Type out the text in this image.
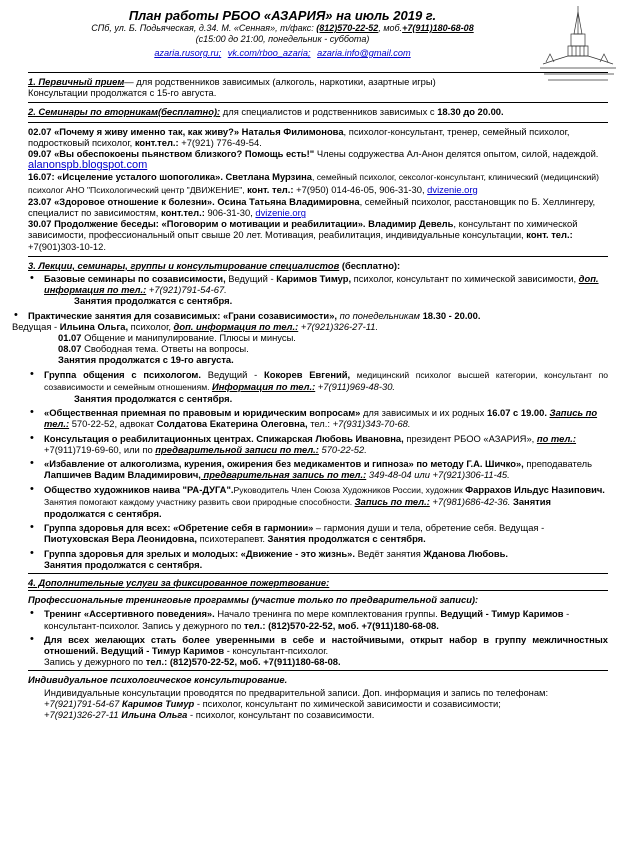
План работы РБОО «АЗАРИЯ» на июль 2019 г.
СПб, ул. Б. Подьяческая, д.34. М. «Сенная», т/факс: (812)570-22-52, моб.+7(911)180-68-08
(с15:00 до 21:00, понедельник - суббота)
azaria.rusorg.ru; vk.com/rboo_azaria; azaria.info@gmail.com

1. Первичный прием— для родственников зависимых (алкоголь, наркотики, азартные игры)
Консультации продолжатся с 15-го августа.

2. Семинары по вторникам(бесплатно): для специалистов и родственников зависимых с 18.30 до 20.00.

02.07 «Почему я живу именно так, как живу?» Наталья Филимонова, психолог-консультант, тренер, семейный психолог, подростковый психолог, конт.тел.: +7(921) 776-49-54.

09.07 «Вы обеспокоены пьянством близкого? Помощь есть!" Члены содружества Ал-Анон делятся опытом, силой, надеждой. alanonspb.blogspot.com

16.07: «Исцеление усталого шопоголика». Светлана Мурзина, семейный психолог, сексолог-консультант, клинический (медицинский) психолог АНО "Психологический центр "ДВИЖЕНИЕ", конт. тел.: +7(950) 014-46-05, 906-31-30, dvizenie.org

23.07 «Здоровое отношение к болезни». Осина Татьяна Владимировна, семейный психолог, расстановщик по Б. Хеллингеру, специалист по зависимостям, конт.тел.: 906-31-30, dvizenie.org

30.07 Продолжение беседы: «Поговорим о мотивации и реабилитации». Владимир Девель, консультант по химической зависимости, профессиональный опыт свыше 20 лет. Мотивация, реабилитация, индивидуальные консультации, конт. тел.: +7(901)303-10-12.

3. Лекции, семинары, группы и консультирование специалистов (бесплатно):

• Базовые семинары по созависимости, Ведущий - Каримов Тимур, психолог, консультант по химической зависимости, доп. информация по тел.: +7(921)791-54-67.
Занятия продолжатся с сентября.
• Практические занятия для созависимых: «Грани созависимости», по понедельникам 18.30 - 20.00.
Ведущая - Ильина Ольга, психолог, доп. информация по тел.: +7(921)326-27-11.
01.07 Общение и манипулирование. Плюсы и минусы.
08.07 Свободная тема. Ответы на вопросы.
Занятия продолжатся с 19-го августа.
• Группа общения с психологом. Ведущий - Кокорев Евгений, медицинский психолог высшей категории, консультант по созависимости и семейным отношениям. Информация по тел.: +7(911)969-48-30.
Занятия продолжатся с сентября.
• «Общественная приемная по правовым и юридическим вопросам» для зависимых и их родных 16.07 с 19.00. Запись по тел.: 570-22-52, адвокат Солдатова Екатерина Олеговна, тел.: +7(931)343-70-68.
• Консультация о реабилитационных центрах. Спижарская Любовь Ивановна, президент РБОО «АЗАРИЯ», по тел.: +7(911)719-69-60, или по предварительной записи по тел.: 570-22-52.
• «Избавление от алкоголизма, курения, ожирения без медикаментов и гипноза» по методу Г.А. Шичко», преподаватель Лапшичев Вадим Владимирович, предварительная запись по тел.: 349-48-04 или +7(921)306-11-45.
• Общество художников наива "РА-ДУГА".Руководитель Член Союза Художников России, художник Фаррахов Ильдус Назипович. Занятия помогают каждому участнику развить свои природные способности. Запись по тел.: +7(981)686-42-36. Занятия продолжатся с сентября.
• Группа здоровья для всех: «Обретение себя в гармонии» – гармония души и тела, обретение себя. Ведущая - Пиотуховская Вера Леонидовна, психотерапевт. Занятия продолжатся с сентября.
• Группа здоровья для зрелых и молодых: «Движение - это жизнь». Ведёт занятия Жданова Любовь.
Занятия продолжатся с сентября.

4. Дополнительные услуги за фиксированное пожертвование:

Профессиональные тренинговые программы (участие только по предварительной записи):

• Тренинг «Ассертивного поведения». Начало тренинга по мере комплектования группы. Ведущий - Тимур Каримов - консультант-психолог. Запись у дежурного по тел.: (812)570-22-52, моб. +7(911)180-68-08.
• Для всех желающих стать более уверенными в себе и настойчивыми, открыт набор в группу межличностных отношений. Ведущий - Тимур Каримов - консультант-психолог.
Запись у дежурного по тел.: (812)570-22-52, моб. +7(911)180-68-08.

Индивидуальное психологическое консультирование.

Индивидуальные консультации проводятся по предварительной записи. Доп. информация и запись по телефонам:

+7(921)791-54-67 Каримов Тимур - психолог, консультант по химической зависимости и созависимости;

+7(921)326-27-11 Ильина Ольга - психолог, консультант по созависимости.
